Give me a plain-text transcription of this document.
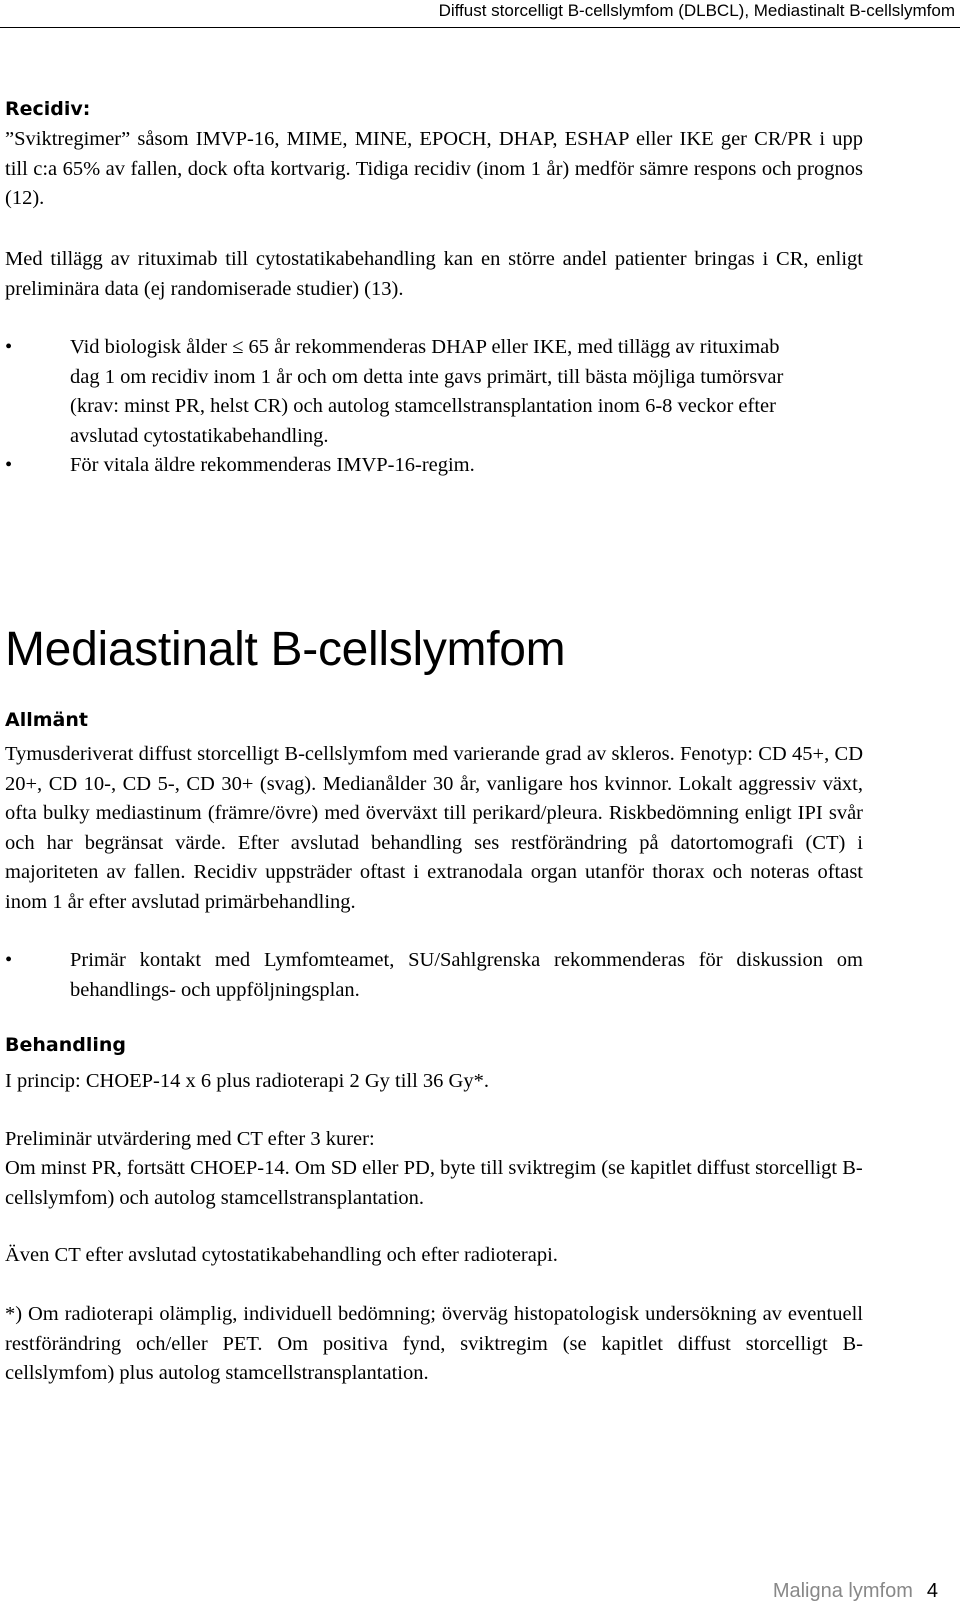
Diffust storcelligt B-cellslymfom (DLBCL), Mediastinalt B-cellslymfom
Recidiv:

”Sviktregimer” såsom IMVP-16, MIME, MINE, EPOCH, DHAP, ESHAP eller IKE ger CR/PR i upp till c:a 65% av fallen, dock ofta kortvarig. Tidiga recidiv (inom 1 år) medför sämre respons och prognos (12).

Med tillägg av rituximab till cytostatikabehandling kan en större andel patienter bringas i CR, enligt preliminära data (ej randomiserade studier) (13).

•	Vid biologisk ålder ≤ 65 år rekommenderas DHAP eller IKE, med tillägg av rituximab dag 1 om recidiv inom 1 år och om detta inte gavs primärt, till bästa möjliga tumörsvar (krav: minst PR, helst CR) och autolog stamcellstransplantation inom 6-8 veckor efter avslutad cytostatikabehandling.
•	För vitala äldre rekommenderas IMVP-16-regim.
Mediastinalt B-cellslymfom
Allmänt

Tymusderiverat diffust storcelligt B-cellslymfom med varierande grad av skleros. Fenotyp: CD 45+, CD 20+, CD 10-, CD 5-, CD 30+ (svag). Medianålder 30 år, vanligare hos kvinnor. Lokalt aggressiv växt, ofta bulky mediastinum (främre/övre) med överväxt till perikard/pleura. Riskbedömning enligt IPI svår och har begränsat värde. Efter avslutad behandling ses restförändring på datortomografi (CT) i majoriteten av fallen. Recidiv uppsträder oftast i extranodala organ utanför thorax och noteras oftast inom 1 år efter avslutad primärbehandling.

•	Primär kontakt med Lymfomteamet, SU/Sahlgrenska rekommenderas för diskussion om behandlings- och uppföljningsplan.
Behandling

I princip: CHOEP-14 x 6 plus radioterapi 2 Gy till 36 Gy*.

Preliminär utvärdering med CT efter 3 kurer:

Om minst PR, fortsätt CHOEP-14. Om SD eller PD, byte till sviktregim (se kapitlet diffust storcelligt B-cellslymfom) och autolog stamcellstransplantation.

Även CT efter avslutad cytostatikabehandling och efter radioterapi.

*) Om radioterapi olämplig, individuell bedömning; överväg histopatologisk undersökning av eventuell restförändring och/eller PET. Om positiva fynd, sviktregim (se kapitlet diffust storcelligt B-cellslymfom) plus autolog stamcellstransplantation.

Maligna lymfom 4
